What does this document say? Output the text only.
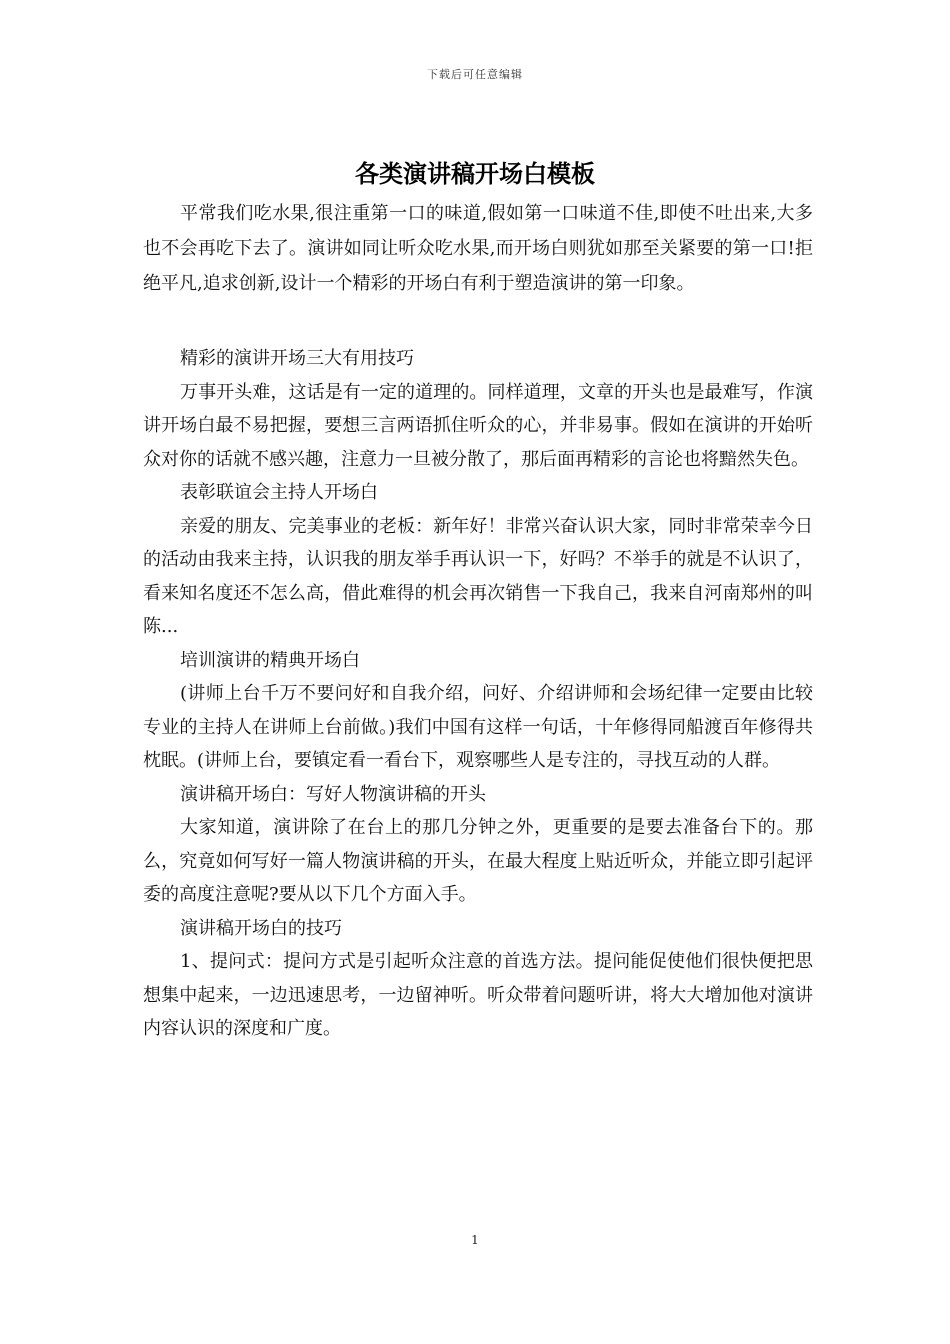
下载后可任意编辑
各类演讲稿开场白模板

平常我们吃水果,很注重第一口的味道,假如第一口味道不佳,即使不吐出来,大多也不会再吃下去了。演讲如同让听众吃水果,而开场白则犹如那至关紧要的第一口!拒绝平凡,追求创新,设计一个精彩的开场白有利于塑造演讲的第一印象。

精彩的演讲开场三大有用技巧

万事开头难，这话是有一定的道理的。同样道理，文章的开头也是最难写，作演讲开场白最不易把握，要想三言两语抓住听众的心，并非易事。假如在演讲的开始听众对你的话就不感兴趣，注意力一旦被分散了，那后面再精彩的言论也将黯然失色。

表彰联谊会主持人开场白

亲爱的朋友、完美事业的老板：新年好！非常兴奋认识大家，同时非常荣幸今日的活动由我来主持，认识我的朋友举手再认识一下，好吗？不举手的就是不认识了，看来知名度还不怎么高，借此难得的机会再次销售一下我自己，我来自河南郑州的叫陈...

培训演讲的精典开场白

(讲师上台千万不要问好和自我介绍，问好、介绍讲师和会场纪律一定要由比较专业的主持人在讲师上台前做。)我们中国有这样一句话，十年修得同船渡百年修得共枕眠。(讲师上台，要镇定看一看台下，观察哪些人是专注的，寻找互动的人群。

演讲稿开场白：写好人物演讲稿的开头

大家知道，演讲除了在台上的那几分钟之外，更重要的是要去准备台下的。那么，究竟如何写好一篇人物演讲稿的开头，在最大程度上贴近听众，并能立即引起评委的高度注意呢?要从以下几个方面入手。

演讲稿开场白的技巧

1、提问式：提问方式是引起听众注意的首选方法。提问能促使他们很快便把思想集中起来，一边迅速思考，一边留神听。听众带着问题听讲，将大大增加他对演讲内容认识的深度和广度。

1
